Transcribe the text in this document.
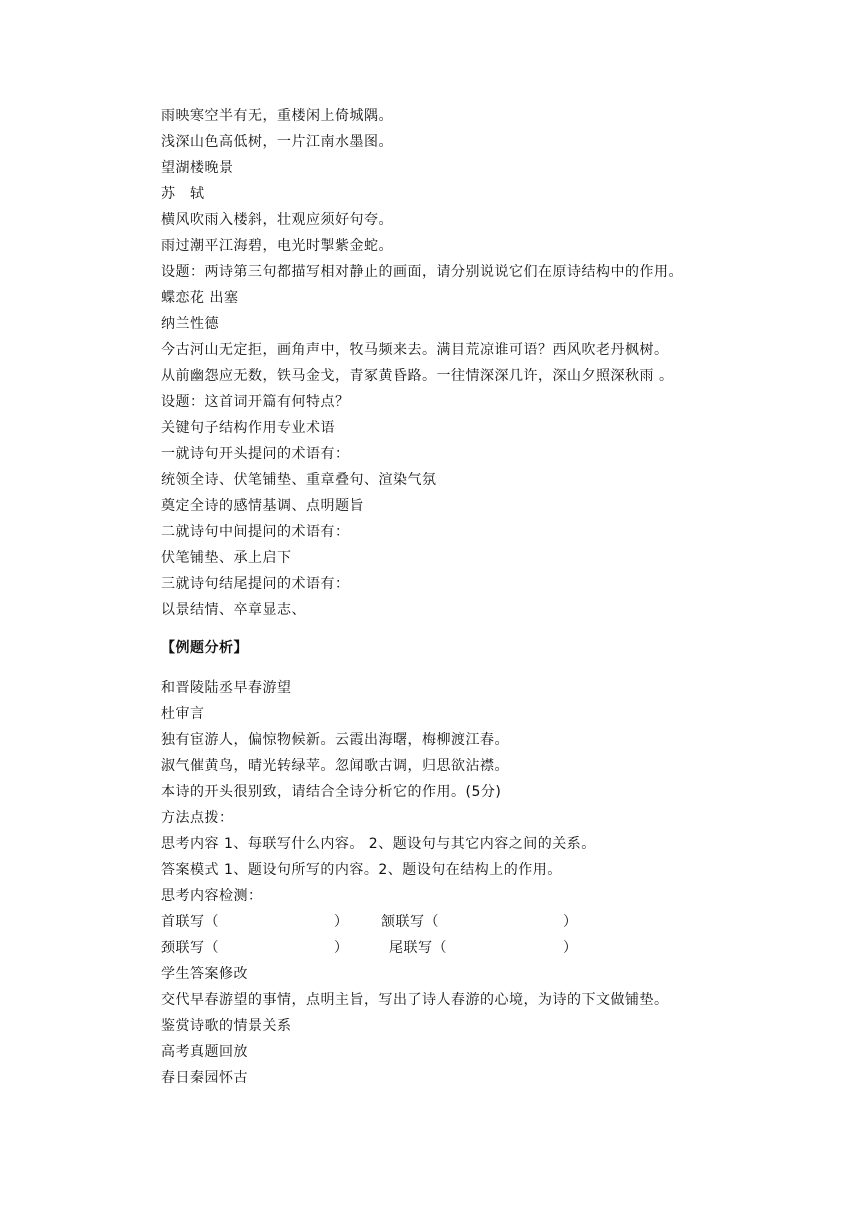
雨映寒空半有无，重楼闲上倚城隅。
浅深山色高低树，一片江南水墨图。
望湖楼晚景
苏　轼
横风吹雨入楼斜，壮观应须好句夸。
雨过潮平江海碧，电光时掣紫金蛇。
设题：两诗第三句都描写相对静止的画面，请分别说说它们在原诗结构中的作用。
蝶恋花 出塞
纳兰性德
今古河山无定拒，画角声中，牧马频来去。满目荒凉谁可语？西风吹老丹枫树。
从前幽怨应无数，铁马金戈，青冢黄昏路。一往情深深几许，深山夕照深秋雨 。
设题：这首词开篇有何特点？
关键句子结构作用专业术语
一就诗句开头提问的术语有：
统领全诗、伏笔铺垫、重章叠句、渲染气氛
奠定全诗的感情基调、点明题旨
二就诗句中间提问的术语有：
伏笔铺垫、承上启下
三就诗句结尾提问的术语有：
以景结情、卒章显志、
【例题分析】
和晋陵陆丞早春游望
杜审言
独有宦游人，偏惊物候新。云霞出海曙，梅柳渡江春。
淑气催黄鸟，晴光转绿苹。忽闻歌古调，归思欲沾襟。
本诗的开头很别致，请结合全诗分析它的作用。(5分)
方法点拨：
思考内容 1、每联写什么内容。 2、题设句与其它内容之间的关系。
答案模式 1、题设句所写的内容。2、题设句在结构上的作用。
思考内容检测：
首联写（	） 颔联写（	）
颈联写（	）	尾联写（	）
学生答案修改
交代早春游望的事情，点明主旨，写出了诗人春游的心境，为诗的下文做铺垫。
鉴赏诗歌的情景关系
高考真题回放
春日秦园怀古
